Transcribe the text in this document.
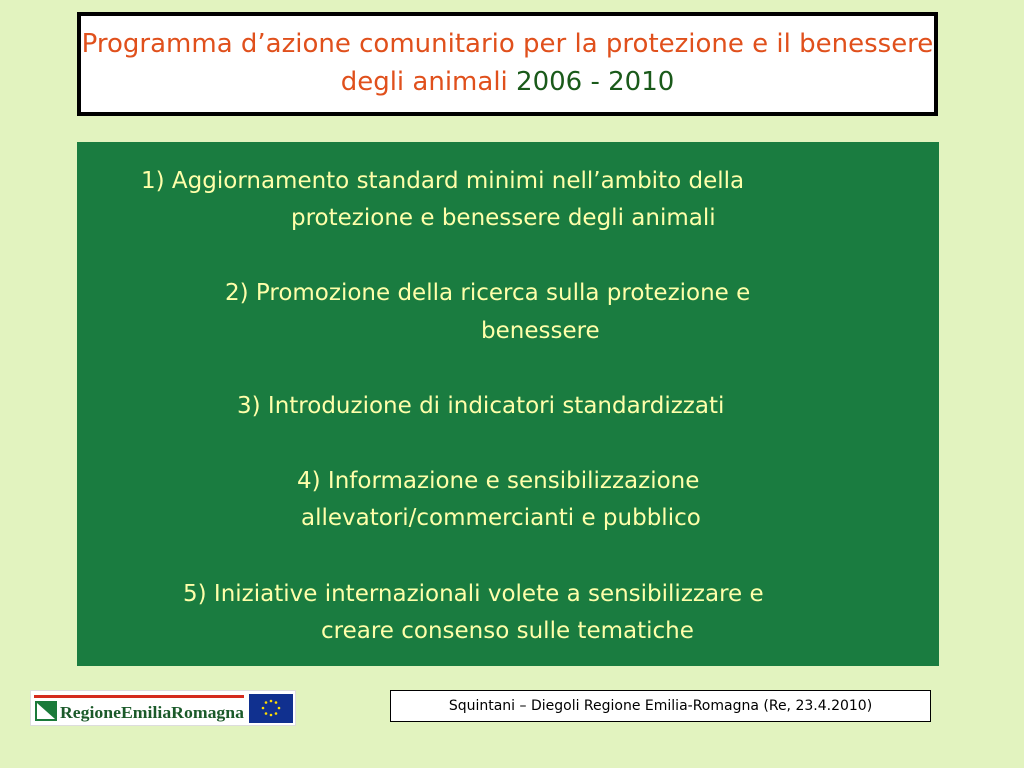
Programma d’azione comunitario per la protezione e il benessere degli animali 2006 - 2010
1) Aggiornamento standard minimi nell’ambito della
protezione e benessere degli animali
2) Promozione della ricerca sulla protezione e
benessere
3) Introduzione di indicatori standardizzati
4) Informazione e sensibilizzazione
allevatori/commercianti e pubblico
5) Iniziative internazionali volete a sensibilizzare e
creare consenso sulle tematiche
RegioneEmiliaRomagna	Squintani – Diegoli Regione Emilia-Romagna (Re, 23.4.2010)
